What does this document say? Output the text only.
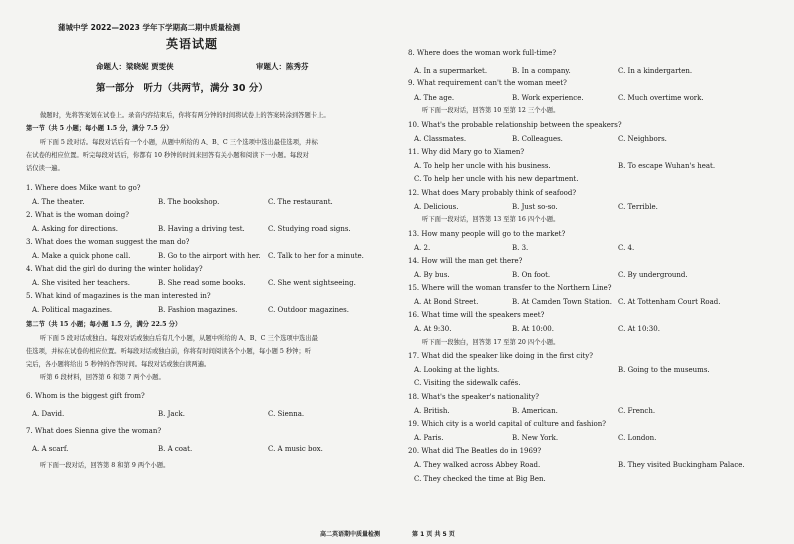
蒲城中学 2022—2023 学年下学期高二期中质量检测
英语试题
命题人：梁晓妮 贾雯侠	审题人：陈秀芬
第一部分　听力（共两节，满分 30 分）
做题时，先将答案划在试卷上。录音内容结束后，你将有两分钟的时间将试卷上的答案转涂到答题卡上。
第一节（共 5 小题；每小题 1.5 分，满分 7.5 分）
听下面 5 段对话。每段对话后有一个小题，从题中所给的 A、B、C 三个选项中选出最佳选项，并标
在试卷的相应位置。听完每段对话后，你都有 10 秒钟的时间来回答有关小题和阅读下一小题。每段对
话仅读一遍。
1. Where does Mike want to go?
A. The theater.	B. The bookshop.	C. The restaurant.
2. What is the woman doing?
A. Asking for directions.	B. Having a driving test.	C. Studying road signs.
3. What does the woman suggest the man do?
A. Make a quick phone call.	B. Go to the airport with her. C. Talk to her for a minute.
4. What did the girl do during the winter holiday?
A. She visited her teachers.	B. She read some books.	C. She went sightseeing.
5. What kind of magazines is the man interested in?
A. Political magazines.	B. Fashion magazines.	C. Outdoor magazines.
第二节（共 15 小题；每小题 1.5 分，满分 22.5 分）
听下面 5 段对话或独白。每段对话或独白后有几个小题，从题中所给的 A、B、C 三个选项中选出最
佳选项，并标在试卷的相应位置。听每段对话或独白前，你将有时间阅读各个小题，每小题 5 秒钟；听
完后，各小题将给出 5 秒钟的作答时间。每段对话或独白读两遍。
听第 6 段材料，回答第 6 和第 7 两个小题。
6. Whom is the biggest gift from?
A. David.	B. Jack.	C. Sienna.
7. What does Sienna give the woman?
A. A scarf.	B. A coat.	C. A music box.
听下面一段对话，回答第 8 和第 9 两个小题。
8. Where does the woman work full-time?
A. In a supermarket.	B. In a company.	C. In a kindergarten.
9. What requirement can't the woman meet?
A. The age.	B. Work experience.	C. Much overtime work.
听下面一段对话，回答第 10 至第 12 三个小题。
10. What's the probable relationship between the speakers?
A. Classmates.	B. Colleagues.	C. Neighbors.
11. Why did Mary go to Xiamen?
A. To help her uncle with his business.	B. To escape Wuhan's heat.
C. To help her uncle with his new department.
12. What does Mary probably think of seafood?
A. Delicious.	B. Just so-so.	C. Terrible.
听下面一段对话，回答第 13 至第 16 四个小题。
13. How many people will go to the market?
A. 2.	B. 3.	C. 4.
14. How will the man get there?
A. By bus.	B. On foot.	C. By underground.
15. Where will the woman transfer to the Northern Line?
A. At Bond Street.	B. At Camden Town Station. C. At Tottenham Court Road.
16. What time will the speakers meet?
A. At 9:30.	B. At 10:00.	C. At 10:30.
听下面一段独白，回答第 17 至第 20 四个小题。
17. What did the speaker like doing in the first city?
A. Looking at the lights.	B. Going to the museums.
C. Visiting the sidewalk cafés.
18. What's the speaker's nationality?
A. British.	B. American.	C. French.
19. Which city is a world capital of culture and fashion?
A. Paris.	B. New York.	C. London.
20. What did The Beatles do in 1969?
A. They walked across Abbey Road.	B. They visited Buckingham Palace.
C. They checked the time at Big Ben.
高二英语期中质量检测	第 1 页 共 5 页
